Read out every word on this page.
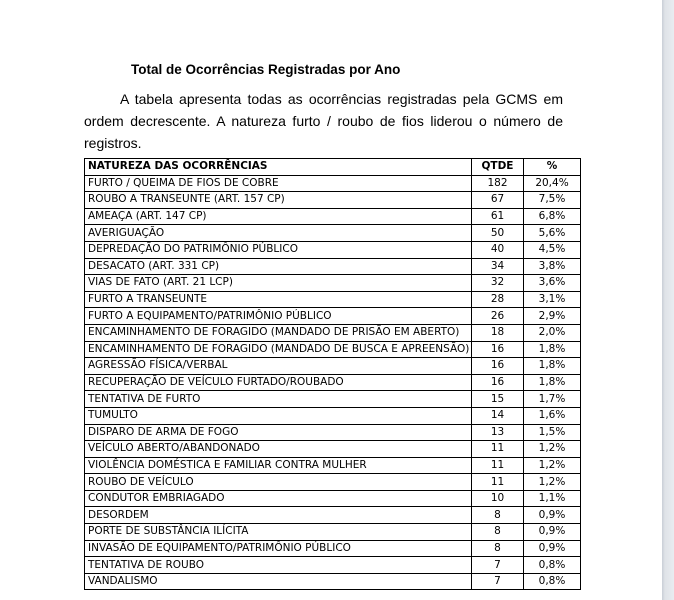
Total de Ocorrências Registradas por Ano
A tabela apresenta todas as ocorrências registradas pela GCMS em ordem decrescente. A natureza furto / roubo de fios liderou o número de registros.
NATUREZA DAS OCORRÊNCIAS	QTDE	%
FURTO / QUEIMA DE FIOS DE COBRE	182	20,4%
ROUBO A TRANSEUNTE (ART. 157 CP)	67	7,5%
AMEAÇA (ART. 147 CP)	61	6,8%
AVERIGUAÇÃO	50	5,6%
DEPREDAÇÃO DO PATRIMÔNIO PÚBLICO	40	4,5%
DESACATO (ART. 331 CP)	34	3,8%
VIAS DE FATO (ART. 21 LCP)	32	3,6%
FURTO A TRANSEUNTE	28	3,1%
FURTO A EQUIPAMENTO/PATRIMÔNIO PÚBLICO	26	2,9%
ENCAMINHAMENTO DE FORAGIDO (MANDADO DE PRISÃO EM ABERTO)	18	2,0%
ENCAMINHAMENTO DE FORAGIDO (MANDADO DE BUSCA E APREENSÃO)	16	1,8%
AGRESSÃO FÍSICA/VERBAL	16	1,8%
RECUPERAÇÃO DE VEÍCULO FURTADO/ROUBADO	16	1,8%
TENTATIVA DE FURTO	15	1,7%
TUMULTO	14	1,6%
DISPARO DE ARMA DE FOGO	13	1,5%
VEÍCULO ABERTO/ABANDONADO	11	1,2%
VIOLÊNCIA DOMÉSTICA E FAMILIAR CONTRA MULHER	11	1,2%
ROUBO DE VEÍCULO	11	1,2%
CONDUTOR EMBRIAGADO	10	1,1%
DESORDEM	8	0,9%
PORTE DE SUBSTÂNCIA ILÍCITA	8	0,9%
INVASÃO DE EQUIPAMENTO/PATRIMÔNIO PÚBLICO	8	0,9%
TENTATIVA DE ROUBO	7	0,8%
VANDALISMO	7	0,8%
